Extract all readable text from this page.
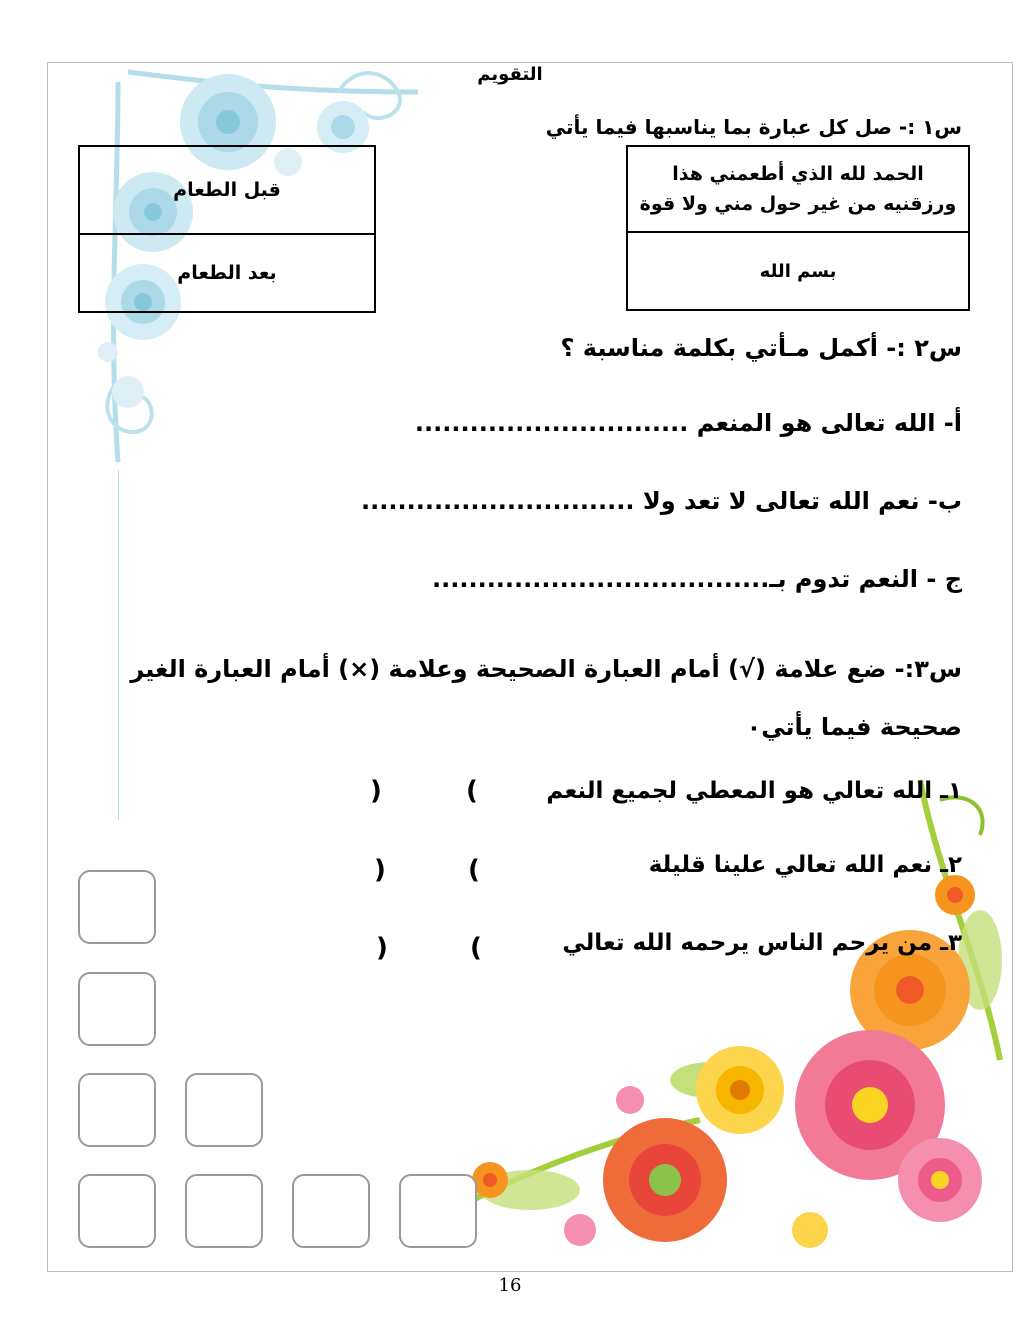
التقويم
س١ :- صل كل عبارة بما يناسبها فيما يأتي
الحمد لله الذي أطعمني هذا ورزقنيه من غير حول مني ولا قوة
بسم الله
قبل الطعام
بعد الطعام
س٢ :- أكمل مـأتي بكلمة مناسبة ؟
أ- الله تعالى هو المنعم ..............................
ب- نعم الله تعالى لا تعد ولا ..............................
ج - النعم تدوم بـ.....................................
س٣:- ضع علامة (√) أمام العبارة الصحيحة وعلامة (×) أمام العبارة الغير صحيحة فيما يأتي٠
١ـ الله تعالي هو المعطي لجميع النعم
(
)
٢ـ نعم الله تعالي علينا قليلة
(
)
٣ـ من يرحم الناس يرحمه الله تعالي
(
)
16
